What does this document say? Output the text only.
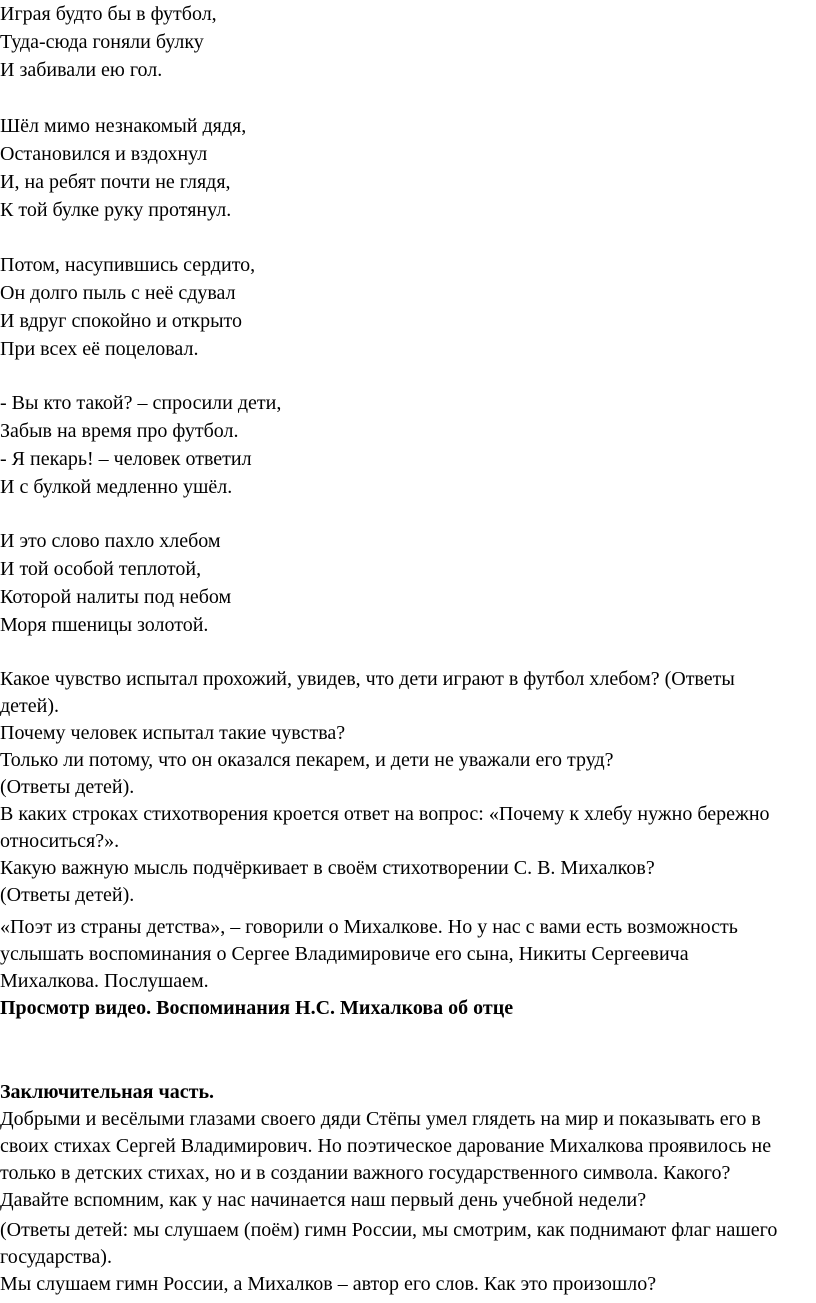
Играя будто бы в футбол,
Туда-сюда гоняли булку
И забивали ею гол.
Шёл мимо незнакомый дядя,
Остановился и вздохнул
И, на ребят почти не глядя,
К той булке руку протянул.
Потом, насупившись сердито,
Он долго пыль с неё сдувал
И вдруг спокойно и открыто
При всех её поцеловал.
- Вы кто такой? – спросили дети,
Забыв на время про футбол.
- Я пекарь! – человек ответил
И с булкой медленно ушёл.
И это слово пахло хлебом
И той особой теплотой,
Которой налиты под небом
Моря пшеницы золотой.
Какое чувство испытал прохожий, увидев, что дети играют в футбол хлебом? (Ответы
детей).
Почему человек испытал такие чувства?
Только ли потому, что он оказался пекарем, и дети не уважали его труд?
(Ответы детей).
В каких строках стихотворения кроется ответ на вопрос: «Почему к хлебу нужно бережно
относиться?».
Какую важную мысль подчёркивает в своём стихотворении С. В. Михалков?
(Ответы детей).
«Поэт из страны детства», – говорили о Михалкове. Но у нас с вами есть возможность
услышать воспоминания о Сергее Владимировиче его сына, Никиты Сергеевича
Михалкова. Послушаем.
Просмотр видео. Воспоминания Н.С. Михалкова об отце
Заключительная часть.
Добрыми и весёлыми глазами своего дяди Стёпы умел глядеть на мир и показывать его в
своих стихах Сергей Владимирович. Но поэтическое дарование Михалкова проявилось не
только в детских стихах, но и в создании важного государственного символа. Какого?
Давайте вспомним, как у нас начинается наш первый день учебной недели?
(Ответы детей: мы слушаем (поём) гимн России, мы смотрим, как поднимают флаг нашего
государства).
Мы слушаем гимн России, а Михалков – автор его слов. Как это произошло?
